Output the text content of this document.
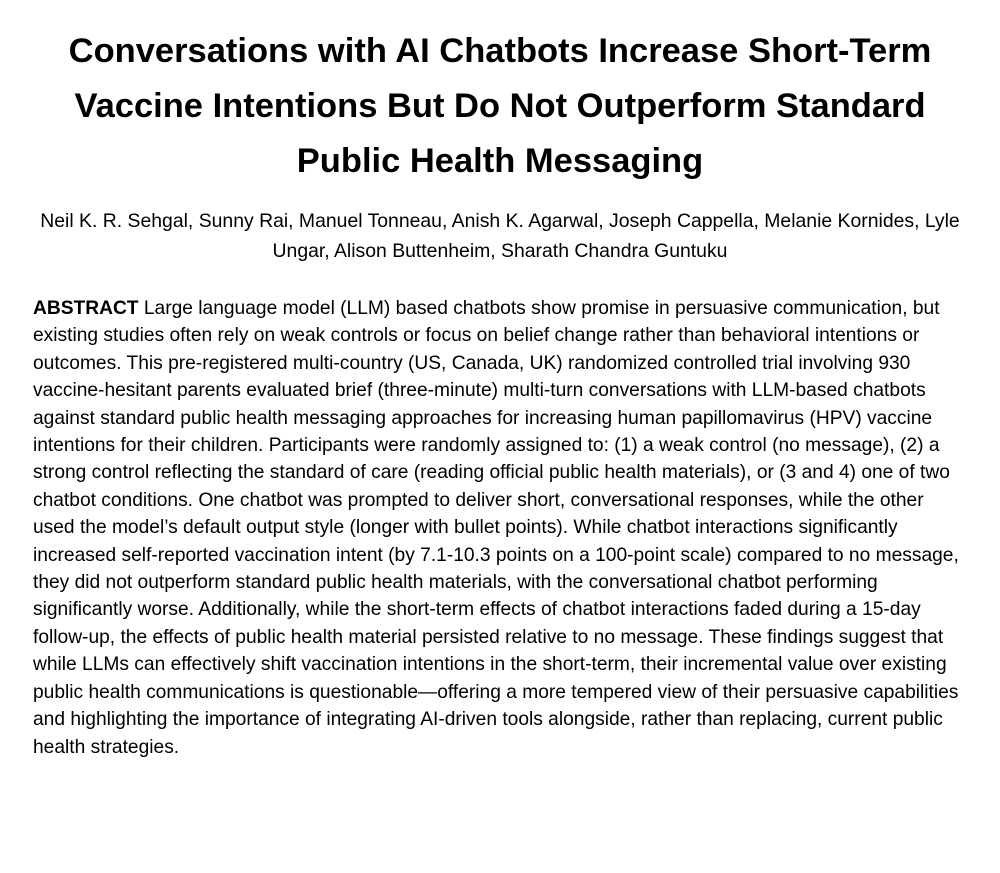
Conversations with AI Chatbots Increase Short-Term Vaccine Intentions But Do Not Outperform Standard Public Health Messaging
Neil K. R. Sehgal, Sunny Rai, Manuel Tonneau, Anish K. Agarwal, Joseph Cappella, Melanie Kornides, Lyle Ungar, Alison Buttenheim, Sharath Chandra Guntuku

ABSTRACT Large language model (LLM) based chatbots show promise in persuasive communication, but existing studies often rely on weak controls or focus on belief change rather than behavioral intentions or outcomes. This pre-registered multi-country (US, Canada, UK) randomized controlled trial involving 930 vaccine-hesitant parents evaluated brief (three-minute) multi-turn conversations with LLM-based chatbots against standard public health messaging approaches for increasing human papillomavirus (HPV) vaccine intentions for their children. Participants were randomly assigned to: (1) a weak control (no message), (2) a strong control reflecting the standard of care (reading official public health materials), or (3 and 4) one of two chatbot conditions. One chatbot was prompted to deliver short, conversational responses, while the other used the model’s default output style (longer with bullet points). While chatbot interactions significantly increased self-reported vaccination intent (by 7.1-10.3 points on a 100-point scale) compared to no message, they did not outperform standard public health materials, with the conversational chatbot performing significantly worse. Additionally, while the short-term effects of chatbot interactions faded during a 15-day follow-up, the effects of public health material persisted relative to no message. These findings suggest that while LLMs can effectively shift vaccination intentions in the short-term, their incremental value over existing public health communications is questionable—offering a more tempered view of their persuasive capabilities and highlighting the importance of integrating AI-driven tools alongside, rather than replacing, current public health strategies.
